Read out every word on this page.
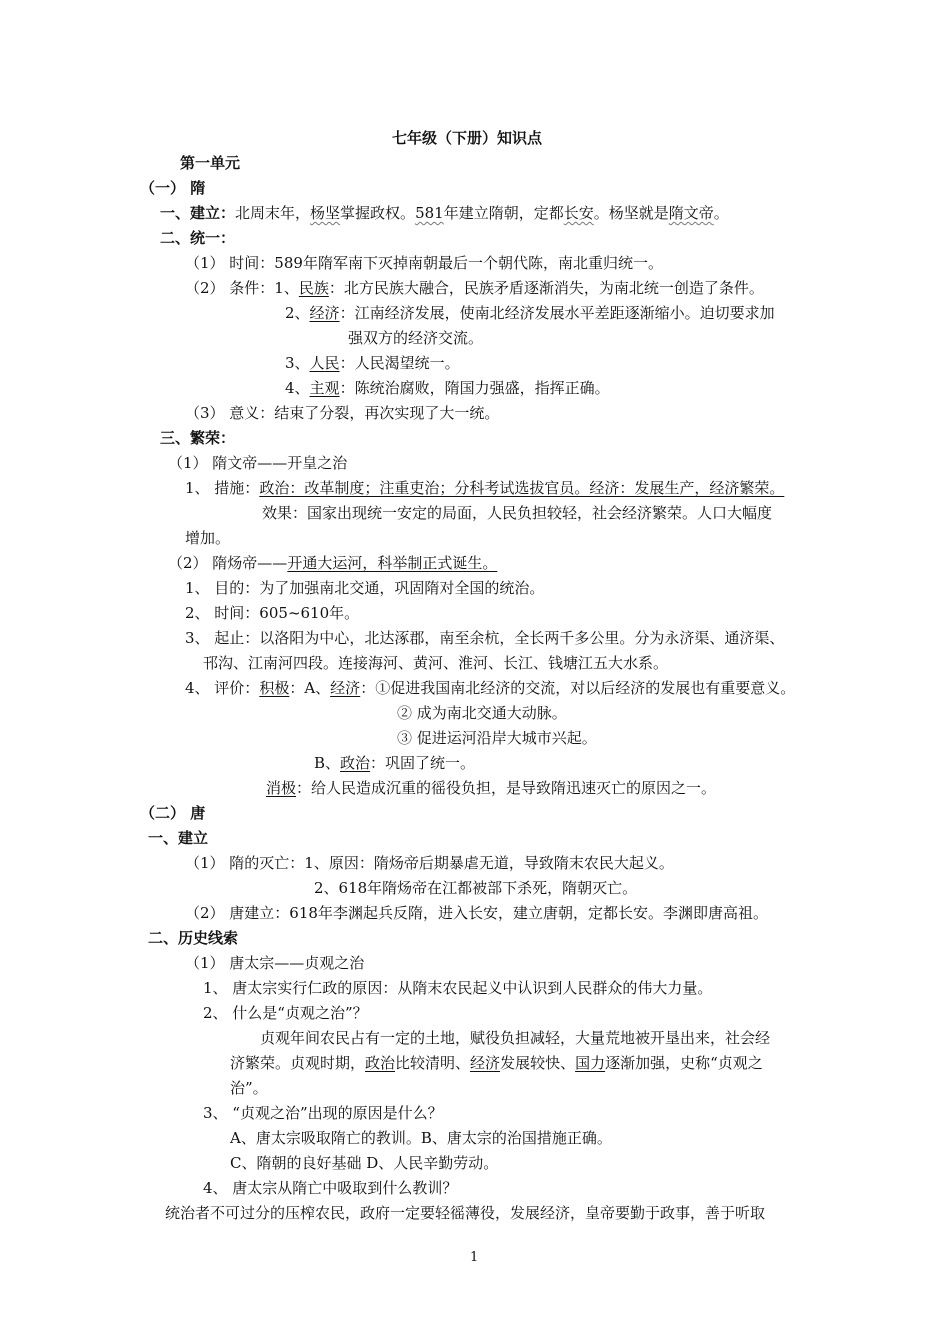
七年级（下册）知识点
第一单元
（一） 隋
一、建立：北周末年，杨坚掌握政权。581年建立隋朝，定都长安。杨坚就是隋文帝。
二、统一：
（1） 时间：589年隋军南下灭掉南朝最后一个朝代陈，南北重归统一。
（2） 条件：1、民族：北方民族大融合，民族矛盾逐渐消失，为南北统一创造了条件。
2、经济：江南经济发展，使南北经济发展水平差距逐渐缩小。迫切要求加
强双方的经济交流。
3、人民：人民渴望统一。
4、主观：陈统治腐败，隋国力强盛，指挥正确。
（3） 意义：结束了分裂，再次实现了大一统。
三、繁荣：
（1） 隋文帝——开皇之治
1、 措施：政治：改革制度；注重吏治；分科考试选拔官员。经济：发展生产，经济繁荣。
效果：国家出现统一安定的局面，人民负担较轻，社会经济繁荣。人口大幅度
增加。
（2） 隋炀帝——开通大运河，科举制正式诞生。
1、 目的：为了加强南北交通，巩固隋对全国的统治。
2、 时间：605~610年。
3、 起止：以洛阳为中心，北达涿郡，南至余杭，全长两千多公里。分为永济渠、通济渠、
邗沟、江南河四段。连接海河、黄河、淮河、长江、钱塘江五大水系。
4、 评价：积极：A、经济：①促进我国南北经济的交流，对以后经济的发展也有重要意义。
② 成为南北交通大动脉。
③ 促进运河沿岸大城市兴起。
B、政治：巩固了统一。
消极：给人民造成沉重的徭役负担，是导致隋迅速灭亡的原因之一。
（二） 唐
一、建立
（1） 隋的灭亡：1、原因：隋炀帝后期暴虐无道，导致隋末农民大起义。
2、618年隋炀帝在江都被部下杀死，隋朝灭亡。
（2） 唐建立：618年李渊起兵反隋，进入长安，建立唐朝，定都长安。李渊即唐高祖。
二、历史线索
（1） 唐太宗——贞观之治
1、 唐太宗实行仁政的原因：从隋末农民起义中认识到人民群众的伟大力量。
2、 什么是“贞观之治”？
贞观年间农民占有一定的土地，赋役负担减轻，大量荒地被开垦出来，社会经
济繁荣。贞观时期，政治比较清明、经济发展较快、国力逐渐加强，史称“贞观之
治”。
3、 “贞观之治”出现的原因是什么？
A、唐太宗吸取隋亡的教训。B、唐太宗的治国措施正确。
C、隋朝的良好基础 D、人民辛勤劳动。
4、 唐太宗从隋亡中吸取到什么教训？
统治者不可过分的压榨农民，政府一定要轻徭薄役，发展经济，皇帝要勤于政事，善于听取
1
